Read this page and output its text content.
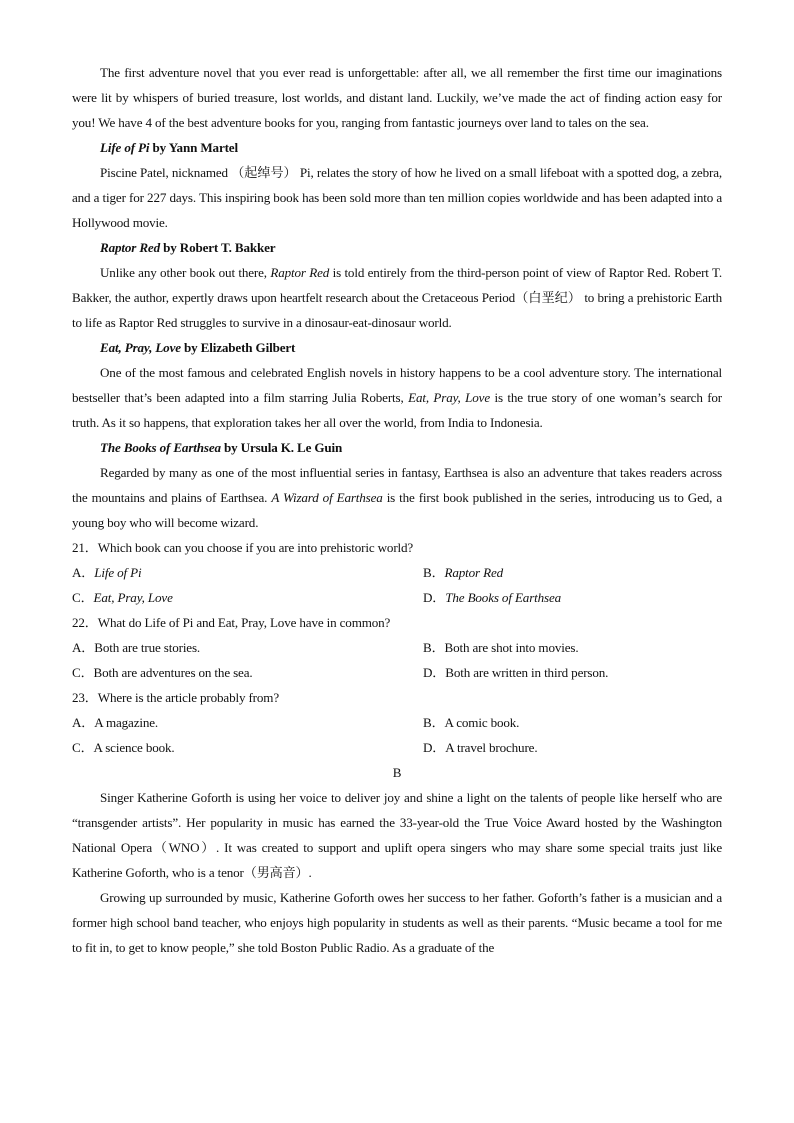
The first adventure novel that you ever read is unforgettable: after all, we all remember the first time our imaginations were lit by whispers of buried treasure, lost worlds, and distant land. Luckily, we’ve made the act of finding action easy for you! We have 4 of the best adventure books for you, ranging from fantastic journeys over land to tales on the sea.

Life of Pi by Yann Martel

Piscine Patel, nicknamed （起绰号） Pi, relates the story of how he lived on a small lifeboat with a spotted dog, a zebra, and a tiger for 227 days. This inspiring book has been sold more than ten million copies worldwide and has been adapted into a Hollywood movie.

Raptor Red by Robert T. Bakker

Unlike any other book out there, Raptor Red is told entirely from the third-person point of view of Raptor Red. Robert T. Bakker, the author, expertly draws upon heartfelt research about the Cretaceous Period（白垩纪） to bring a prehistoric Earth to life as Raptor Red struggles to survive in a dinosaur-eat-dinosaur world.

Eat, Pray, Love by Elizabeth Gilbert

One of the most famous and celebrated English novels in history happens to be a cool adventure story. The international bestseller that’s been adapted into a film starring Julia Roberts, Eat, Pray, Love is the true story of one woman’s search for truth. As it so happens, that exploration takes her all over the world, from India to Indonesia.

The Books of Earthsea by Ursula K. Le Guin

Regarded by many as one of the most influential series in fantasy, Earthsea is also an adventure that takes readers across the mountains and plains of Earthsea. A Wizard of Earthsea is the first book published in the series, introducing us to Ged, a young boy who will become wizard.

21．Which book can you choose if you are into prehistoric world?

A．Life of Pi	B．Raptor Red
C．Eat, Pray, Love	D．The Books of Earthsea

22．What do Life of Pi and Eat, Pray, Love have in common?

A．Both are true stories.	B．Both are shot into movies.
C．Both are adventures on the sea.	D．Both are written in third person.

23．Where is the article probably from?

A．A magazine.	B．A comic book.
C．A science book.	D．A travel brochure.

B

Singer Katherine Goforth is using her voice to deliver joy and shine a light on the talents of people like herself who are “transgender artists”. Her popularity in music has earned the 33-year-old the True Voice Award hosted by the Washington National Opera（WNO）. It was created to support and uplift opera singers who may share some special traits just like Katherine Goforth, who is a tenor（男高音）.

Growing up surrounded by music, Katherine Goforth owes her success to her father. Goforth’s father is a musician and a former high school band teacher, who enjoys high popularity in students as well as their parents. “Music became a tool for me to fit in, to get to know people,” she told Boston Public Radio. As a graduate of the
